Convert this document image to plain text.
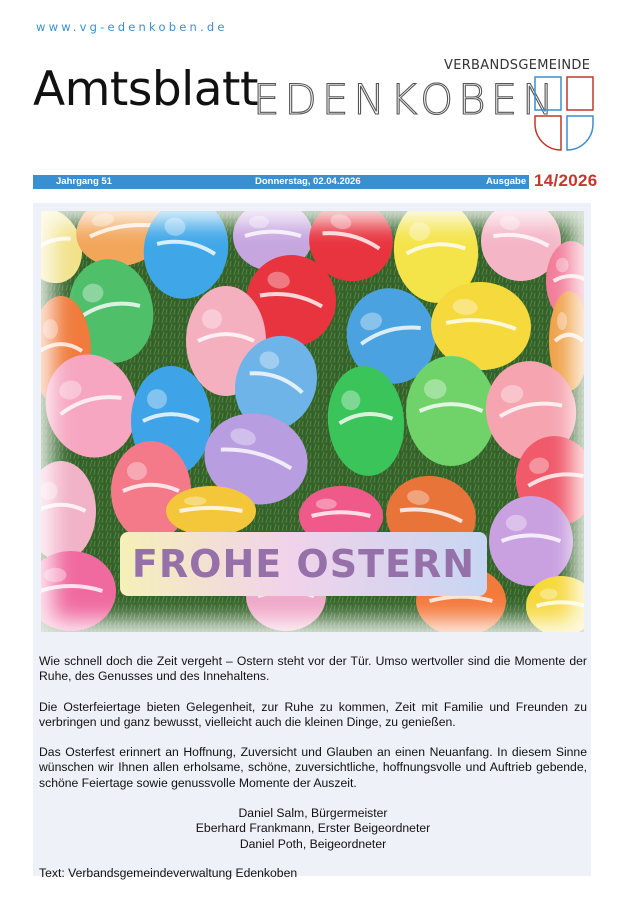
www.vg-edenkoben.de
Amtsblatt	VERBANDSGEMEINDE
EDENKOBEN
Jahrgang 51	Donnerstag, 02.04.2026	Ausgabe 14/2026
FROHE OSTERN

Wie schnell doch die Zeit vergeht – Ostern steht vor der Tür. Umso wertvoller sind die Momente der Ruhe, des Genusses und des Innehaltens.

Die Osterfeiertage bieten Gelegenheit, zur Ruhe zu kommen, Zeit mit Familie und Freunden zu verbringen und ganz bewusst, vielleicht auch die kleinen Dinge, zu genießen.

Das Osterfest erinnert an Hoffnung, Zuversicht und Glauben an einen Neuanfang. In diesem Sinne wünschen wir Ihnen allen erholsame, schöne, zuversichtliche, hoffnungsvolle und Auftrieb gebende, schöne Feiertage sowie genussvolle Momente der Auszeit.

Daniel Salm, Bürgermeister
Eberhard Frankmann, Erster Beigeordneter
Daniel Poth, Beigeordneter
Text: Verbandsgemeindeverwaltung Edenkoben
